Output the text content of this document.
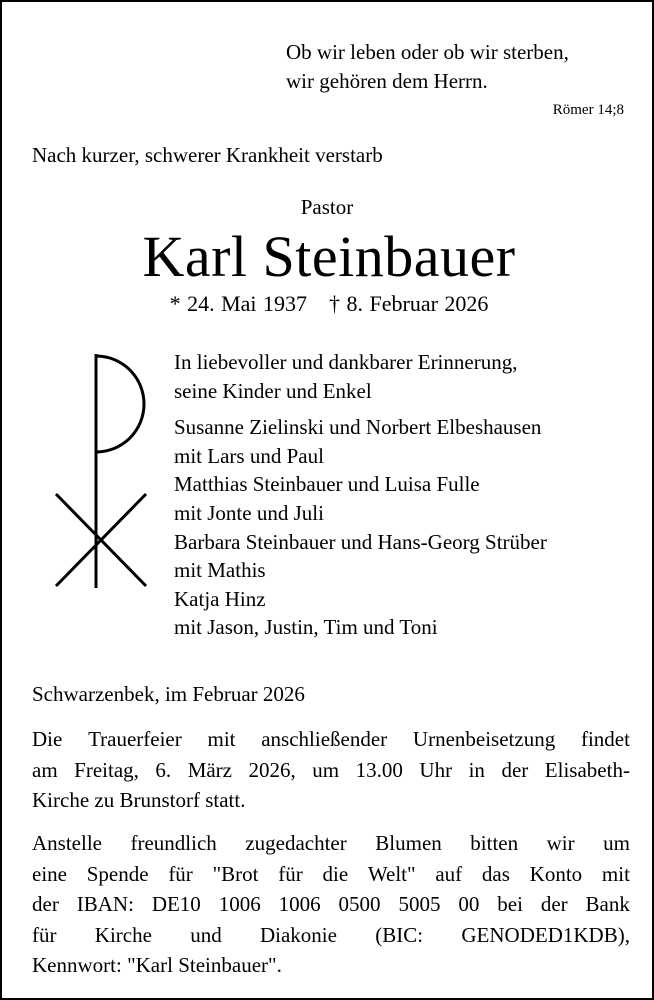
Ob wir leben oder ob wir sterben,
wir gehören dem Herrn.
Römer 14;8
Nach kurzer, schwerer Krankheit verstarb
Pastor
Karl Steinbauer
* 24. Mai 1937 † 8. Februar 2026
In liebevoller und dankbarer Erinnerung,
seine Kinder und Enkel
Susanne Zielinski und Norbert Elbeshausen
mit Lars und Paul
Matthias Steinbauer und Luisa Fulle
mit Jonte und Juli
Barbara Steinbauer und Hans-Georg Strüber
mit Mathis
Katja Hinz
mit Jason, Justin, Tim und Toni
Schwarzenbek, im Februar 2026
Die Trauerfeier mit anschließender Urnenbeisetzung findet
am Freitag, 6. März 2026, um 13.00 Uhr in der Elisabeth-
Kirche zu Brunstorf statt.
Anstelle freundlich zugedachter Blumen bitten wir um
eine Spende für "Brot für die Welt" auf das Konto mit
der IBAN: DE10 1006 1006 0500 5005 00 bei der Bank
für Kirche und Diakonie (BIC: GENODED1KDB),
Kennwort: "Karl Steinbauer".
